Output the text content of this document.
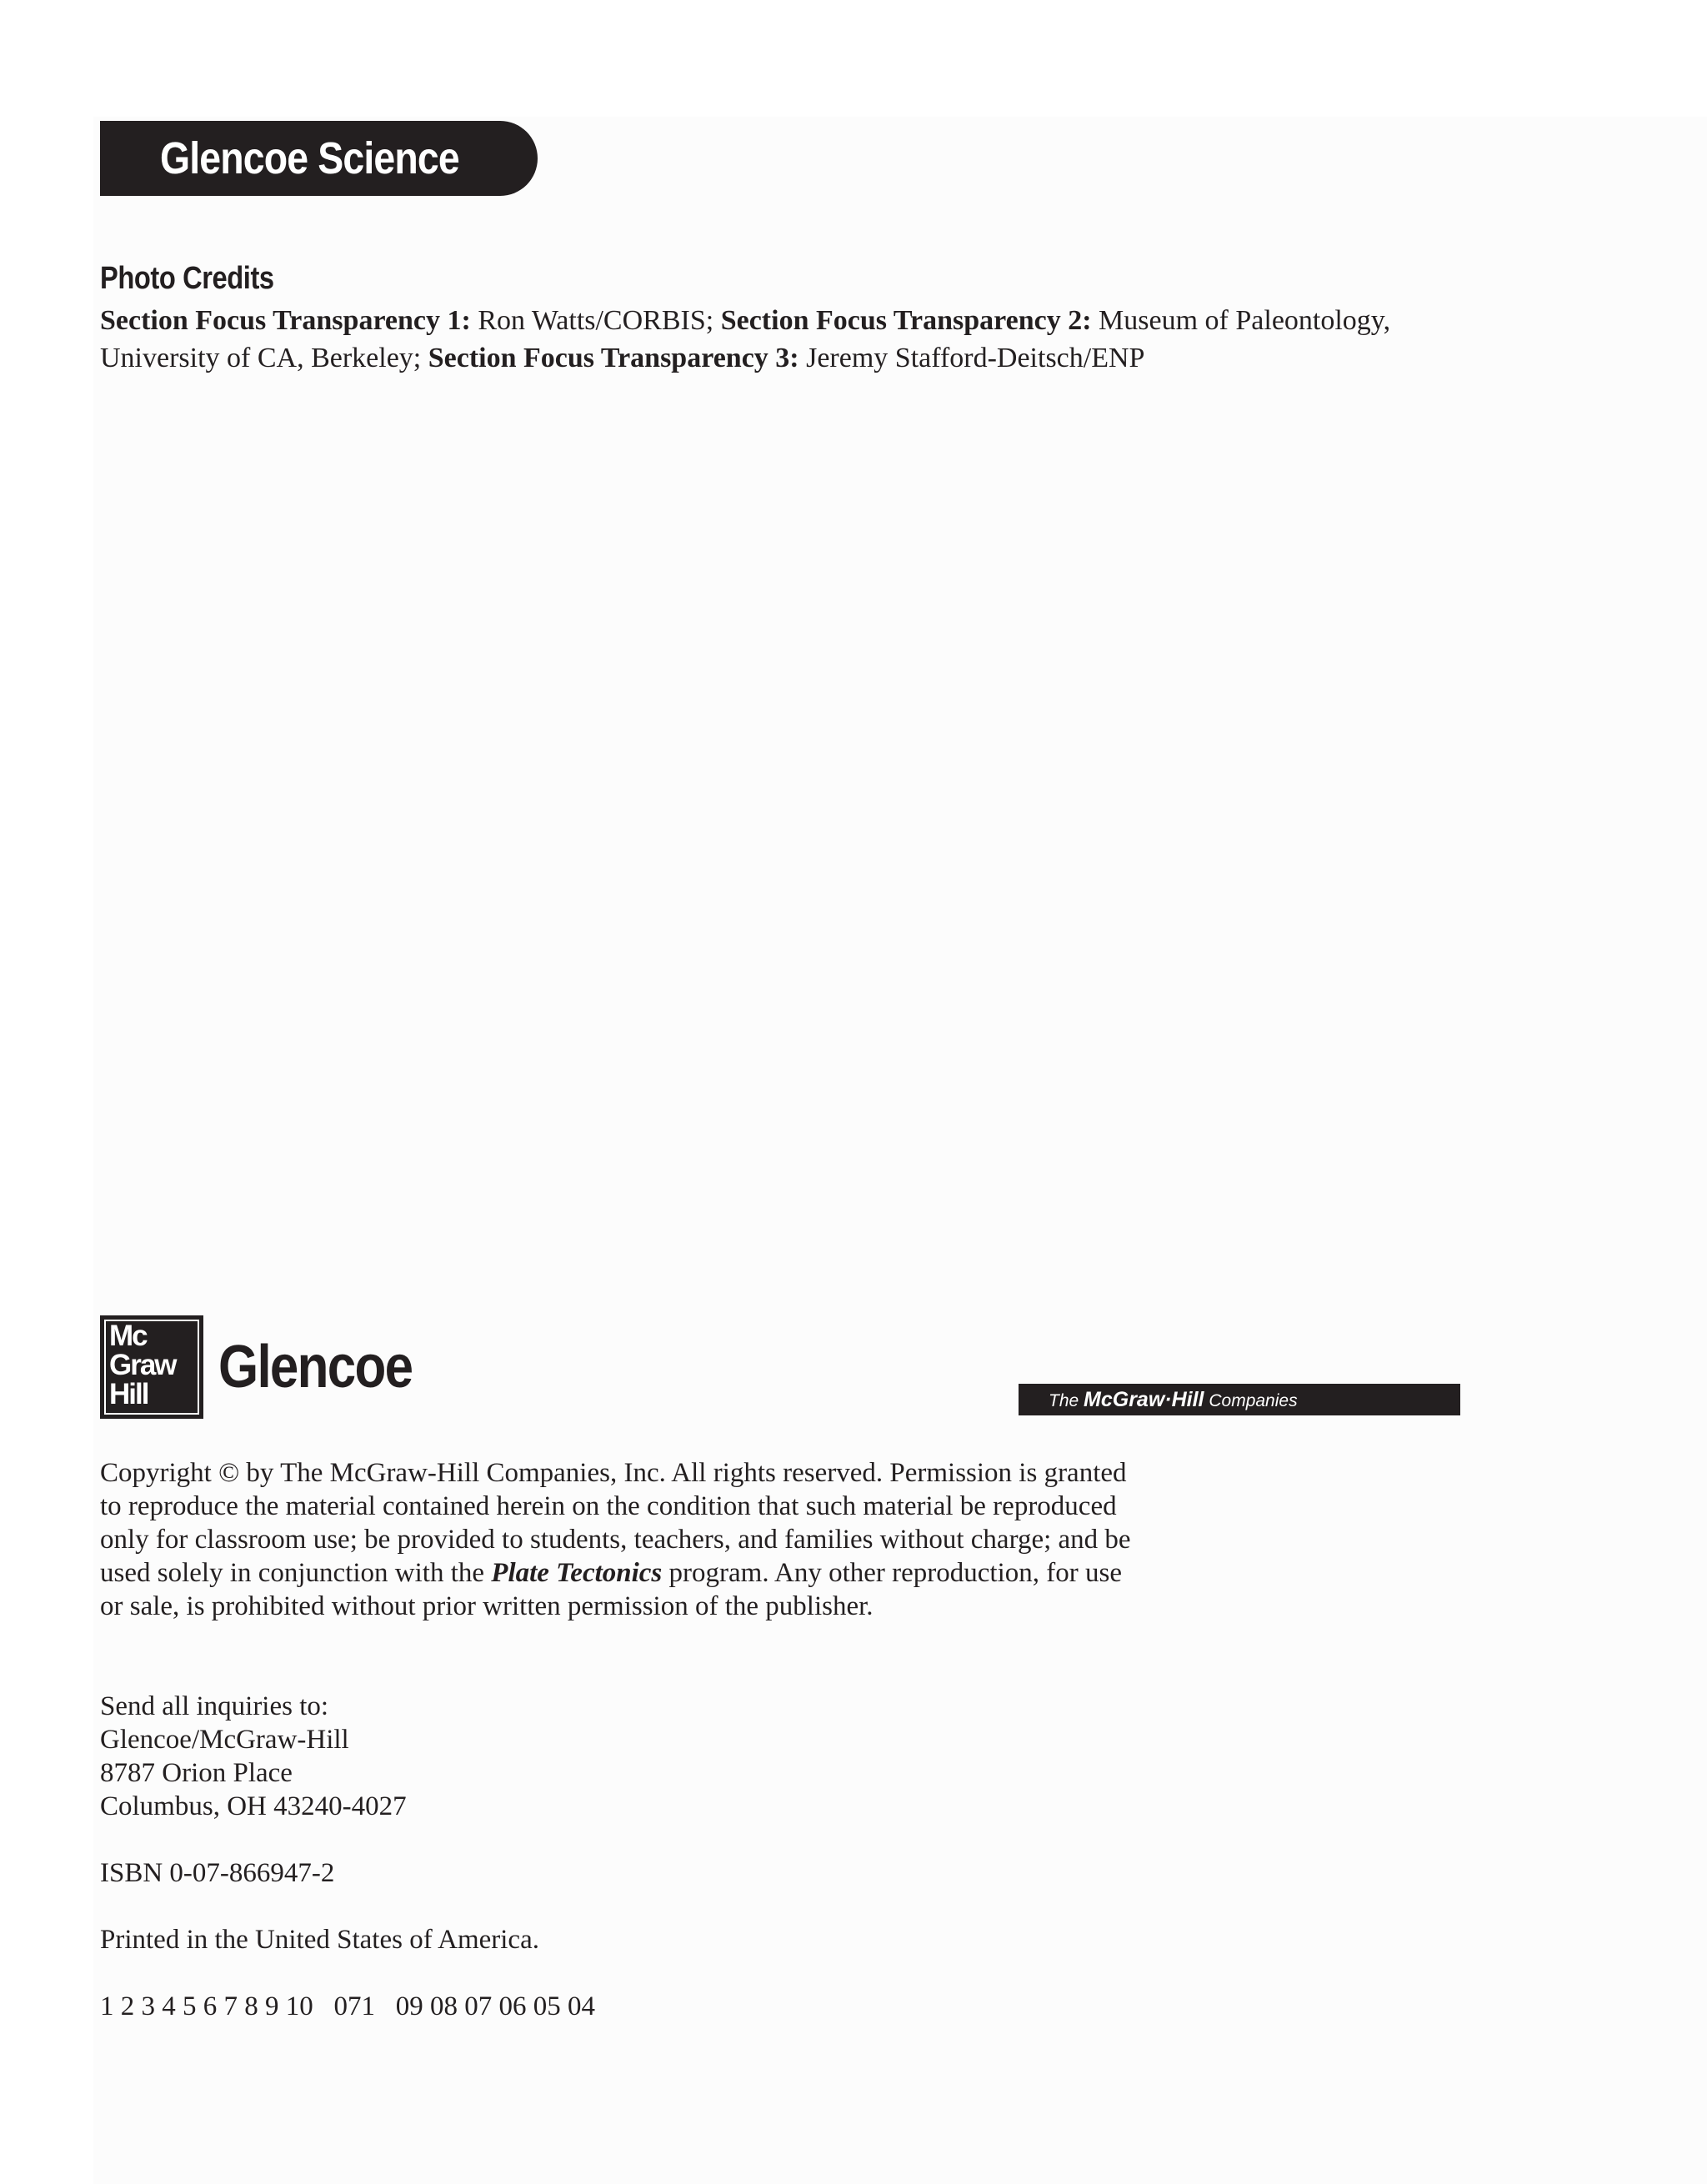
Glencoe Science
Photo Credits

Section Focus Transparency 1: Ron Watts/CORBIS; Section Focus Transparency 2: Museum of Paleontology, University of CA, Berkeley; Section Focus Transparency 3: Jeremy Stafford-Deitsch/ENP

Mc
Graw
Hill	Glencoe
The McGraw·Hill Companies

Copyright © by The McGraw-Hill Companies, Inc. All rights reserved. Permission is granted to reproduce the material contained herein on the condition that such material be reproduced only for classroom use; be provided to students, teachers, and families without charge; and be used solely in conjunction with the Plate Tectonics program. Any other reproduction, for use or sale, is prohibited without prior written permission of the publisher.

Send all inquiries to:
Glencoe/McGraw-Hill
8787 Orion Place
Columbus, OH 43240-4027

ISBN 0-07-866947-2

Printed in the United States of America.

1 2 3 4 5 6 7 8 9 10   071   09 08 07 06 05 04
